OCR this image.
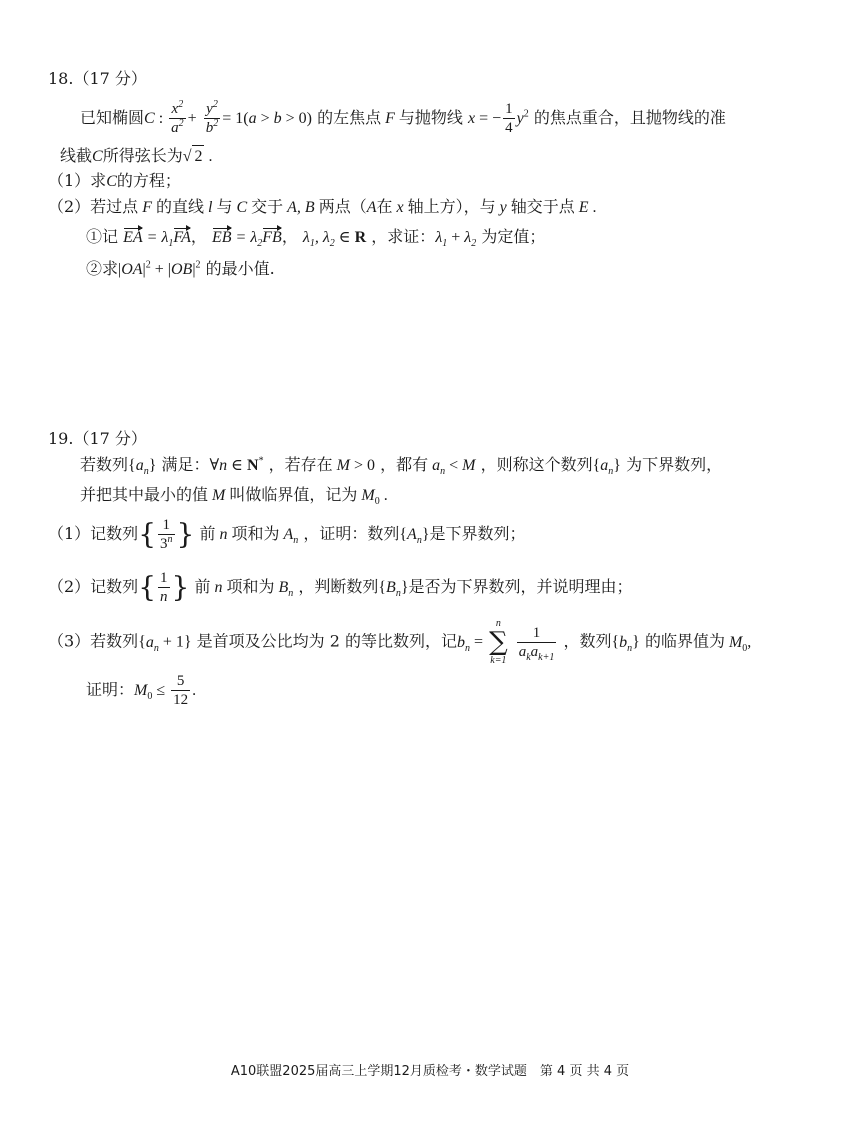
18.（17 分）
已知椭圆C : $\frac{x^2}{a^2} + \frac{y^2}{b^2} = 1(a > b > 0)$ 的左焦点 F 与抛物线 x = − $\frac{1}{4} y^2$ 的焦点重合，且抛物线的准
线截C所得弦长为√ 2 .
（1）求C的方程；
（2）若过点 F 的直线 l 与 C 交于 A, B 两点（A在 x 轴上方），与 y 轴交于点 E .
①记 EA = $\lambda_1FA$， EB = $\lambda_2FB$， $\lambda_1$, $\lambda_2$ ∈ R ，求证：$\lambda_1 + \lambda_2$ 为定值；
②求$|OA|^2 + |OB|^2$ 的最小值.
19.（17 分）
若数列$\{a_n\}$ 满足：∀n ∈ N* ，若存在 M > 0 ，都有 $a_n < M$ ，则称这个数列$\{a_n\}$ 为下界数列，
并把其中最小的值 M 叫做临界值，记为 $M_0$ .
（1）记数列{ $\frac{1}{3^n}$ } 前 n 项和为 $A_n$ ，证明：数列$\{A_n\}$是下界数列；
（2）记数列{ $\frac{1}{n}$ } 前 n 项和为 $B_n$ ，判断数列$\{B_n\}$是否为下界数列，并说明理由；
（3）若数列$\{a_n + 1\}$ 是首项及公比均为 2 的等比数列，记$b_n$ =
n
∑
k=1
$\frac{1}{a_ka_{k+1}}$ ，数列$\{b_n\}$ 的临界值为 $M_0$,
证明：$M_0 \le \frac{5}{12}$ .
A10联盟2025届高三上学期12月质检考・数学试题　第 4 页 共 4 页
